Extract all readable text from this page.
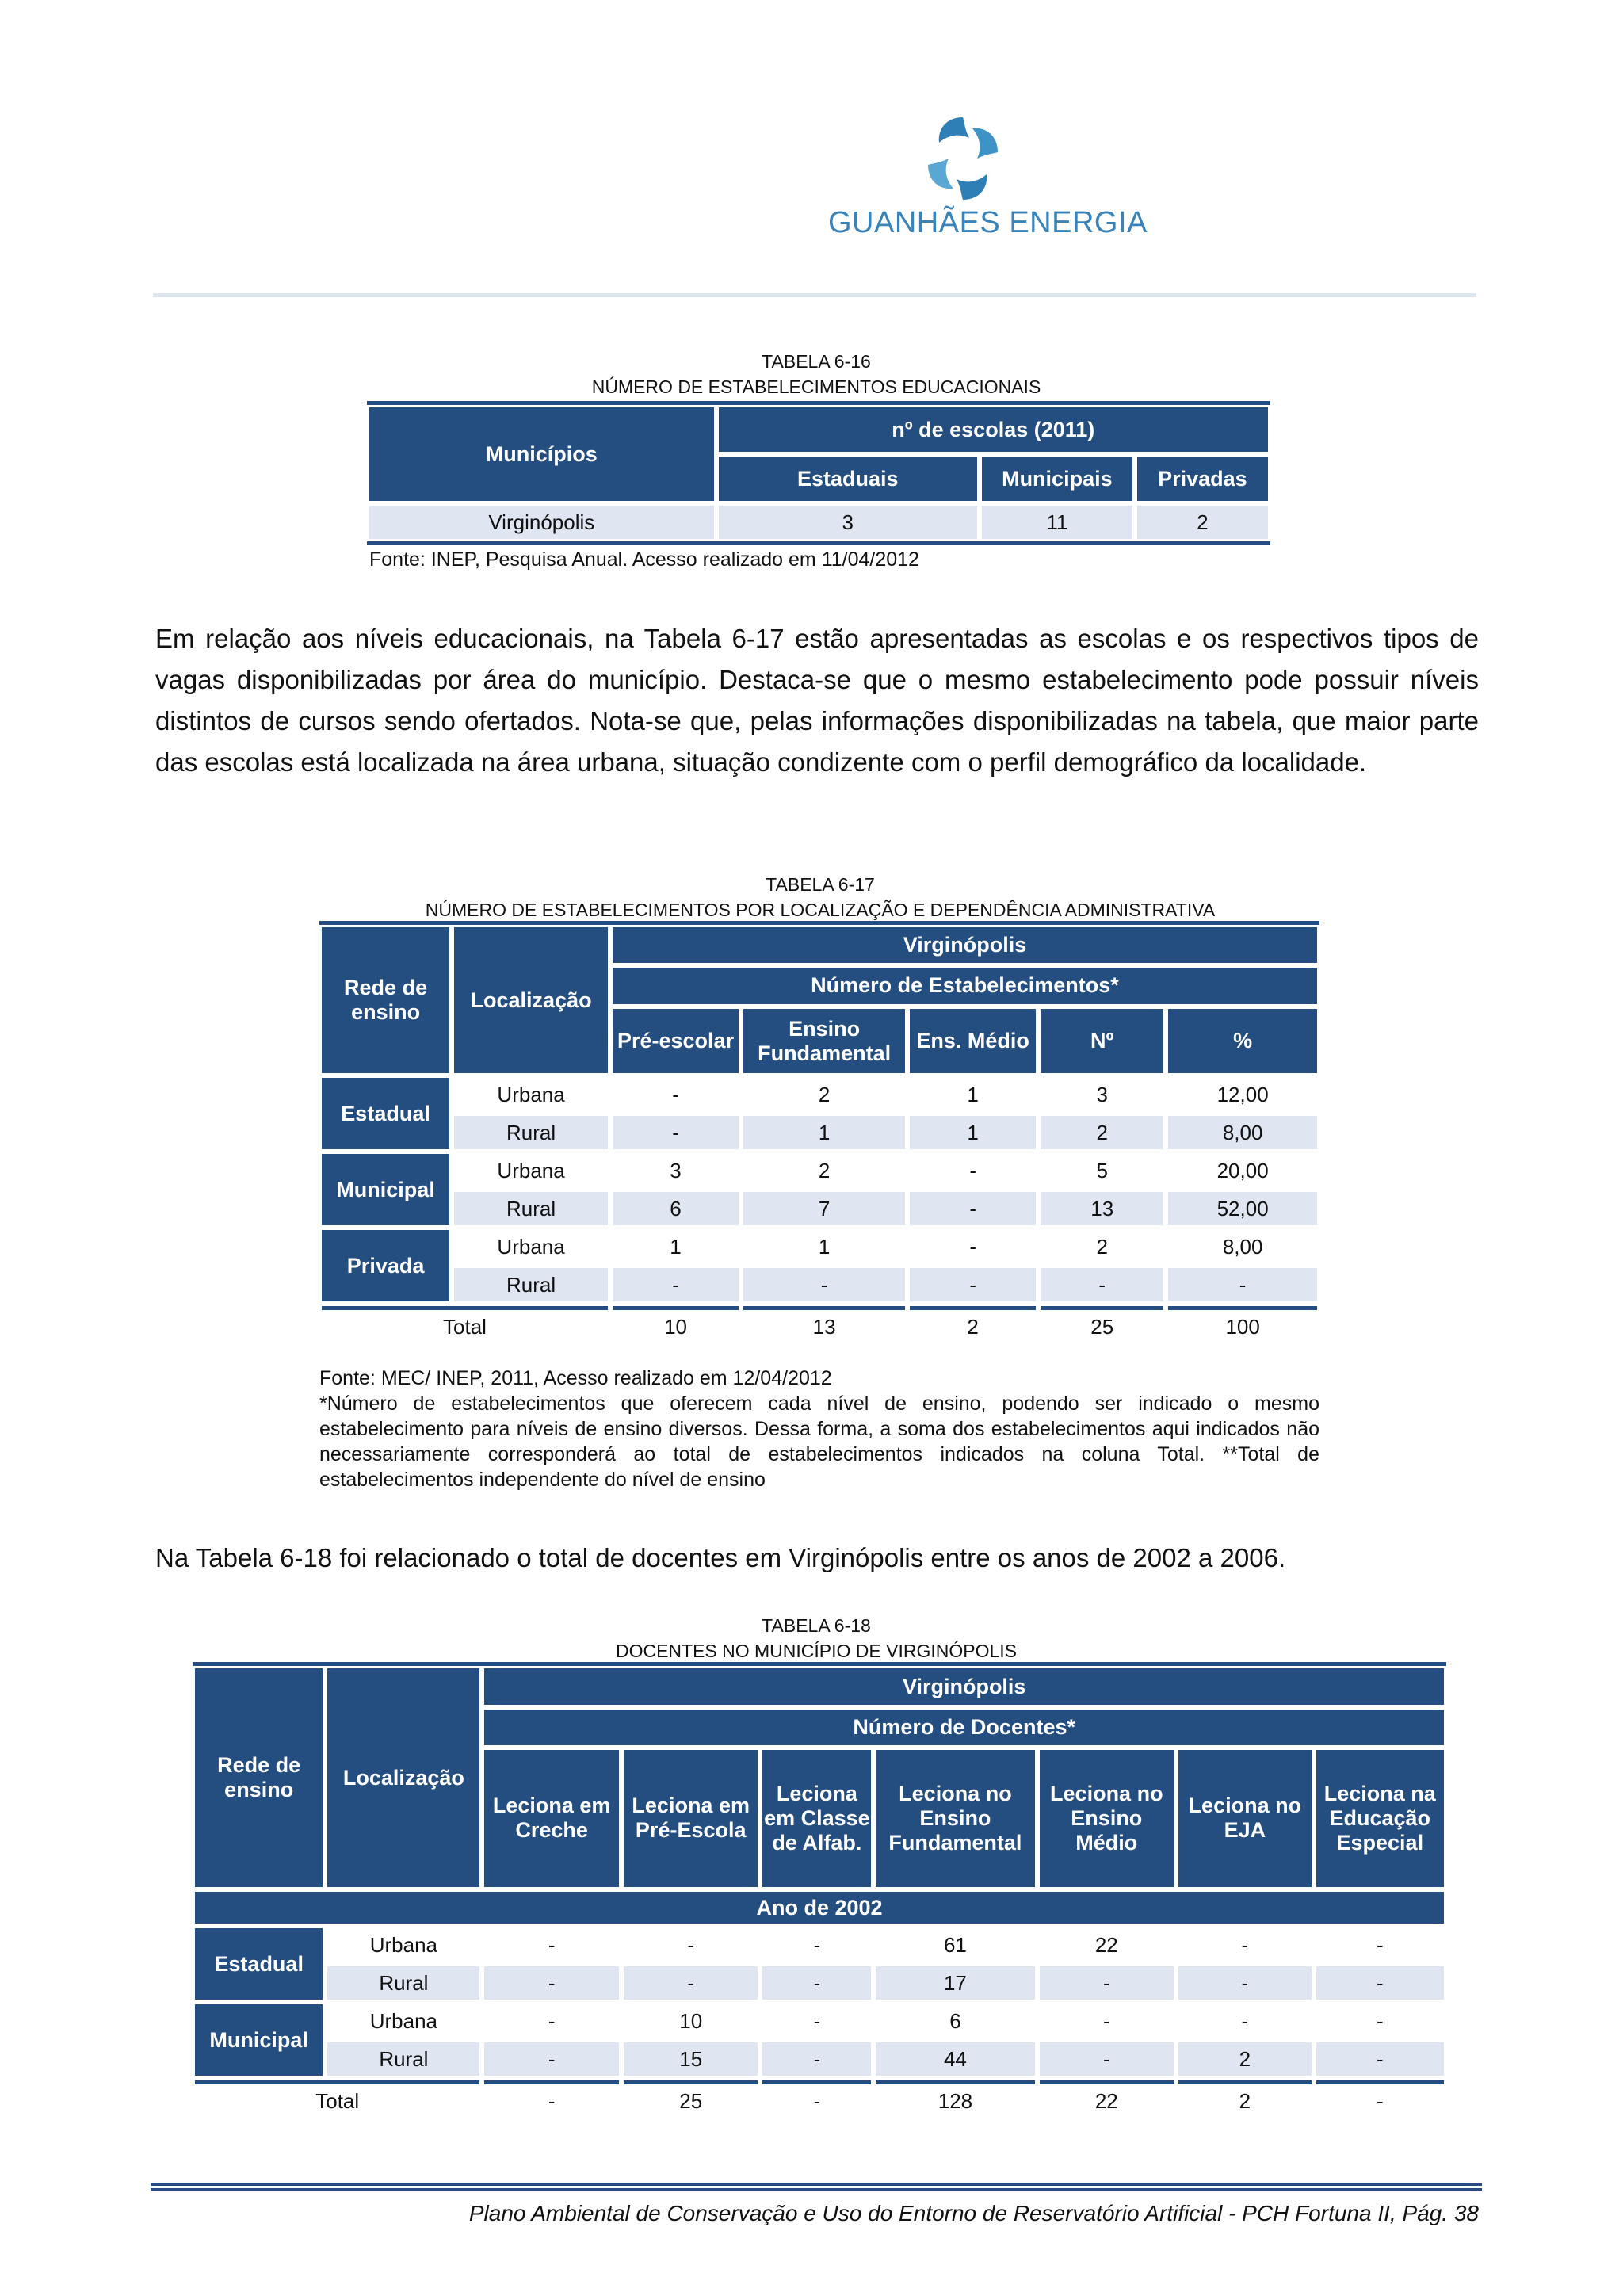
GUANHÃES ENERGIA
TABELA 6-16
NÚMERO DE ESTABELECIMENTOS EDUCACIONAIS
Municípios	nº de escolas (2011)		
	Estaduais	Municipais	Privadas
Virginópolis	3	11	2
Fonte: INEP, Pesquisa Anual. Acesso realizado em 11/04/2012
Em relação aos níveis educacionais, na Tabela 6-17 estão apresentadas as escolas e os respectivos tipos de vagas disponibilizadas por área do município. Destaca-se que o mesmo estabelecimento pode possuir níveis distintos de cursos sendo ofertados. Nota-se que, pelas informações disponibilizadas na tabela, que maior parte das escolas está localizada na área urbana, situação condizente com o perfil demográfico da localidade.
TABELA 6-17
NÚMERO DE ESTABELECIMENTOS POR LOCALIZAÇÃO E DEPENDÊNCIA ADMINISTRATIVA
Rede de ensino	Localização	Virginópolis				
		Número de Estabelecimentos*				
		Pré-escolar	Ensino Fundamental	Ens. Médio	Nº	%
Estadual	Urbana	-	2	1	3	12,00
	Rural	-	1	1	2	8,00
Municipal	Urbana	3	2	-	5	20,00
	Rural	6	7	-	13	52,00
Privada	Urbana	1	1	-	2	8,00
	Rural	-	-	-	-	-
Total		10	13	2	25	100
Fonte: MEC/ INEP, 2011, Acesso realizado em 12/04/2012
*Número de estabelecimentos que oferecem cada nível de ensino, podendo ser indicado o mesmo estabelecimento para níveis de ensino diversos. Dessa forma, a soma dos estabelecimentos aqui indicados não necessariamente corresponderá ao total de estabelecimentos indicados na coluna Total. **Total de estabelecimentos independente do nível de ensino
Na Tabela 6-18 foi relacionado o total de docentes em Virginópolis entre os anos de 2002 a 2006.
TABELA 6-18
DOCENTES NO MUNICÍPIO DE VIRGINÓPOLIS
Rede de ensino	Localização	Virginópolis						
		Número de Docentes*						
		Leciona em Creche	Leciona em Pré-Escola	Leciona em Classe de Alfab.	Leciona no Ensino Fundamental	Leciona no Ensino Médio	Leciona no EJA	Leciona na Educação Especial
Ano de 2002								
Estadual	Urbana	-	-	-	61	22	-	-
	Rural	-	-	-	17	-	-	-
Municipal	Urbana	-	10	-	6	-	-	-
	Rural	-	15	-	44	-	2	-
Total		-	25	-	128	22	2	-
Plano Ambiental de Conservação e Uso do Entorno de Reservatório Artificial - PCH Fortuna II, Pág. 38
